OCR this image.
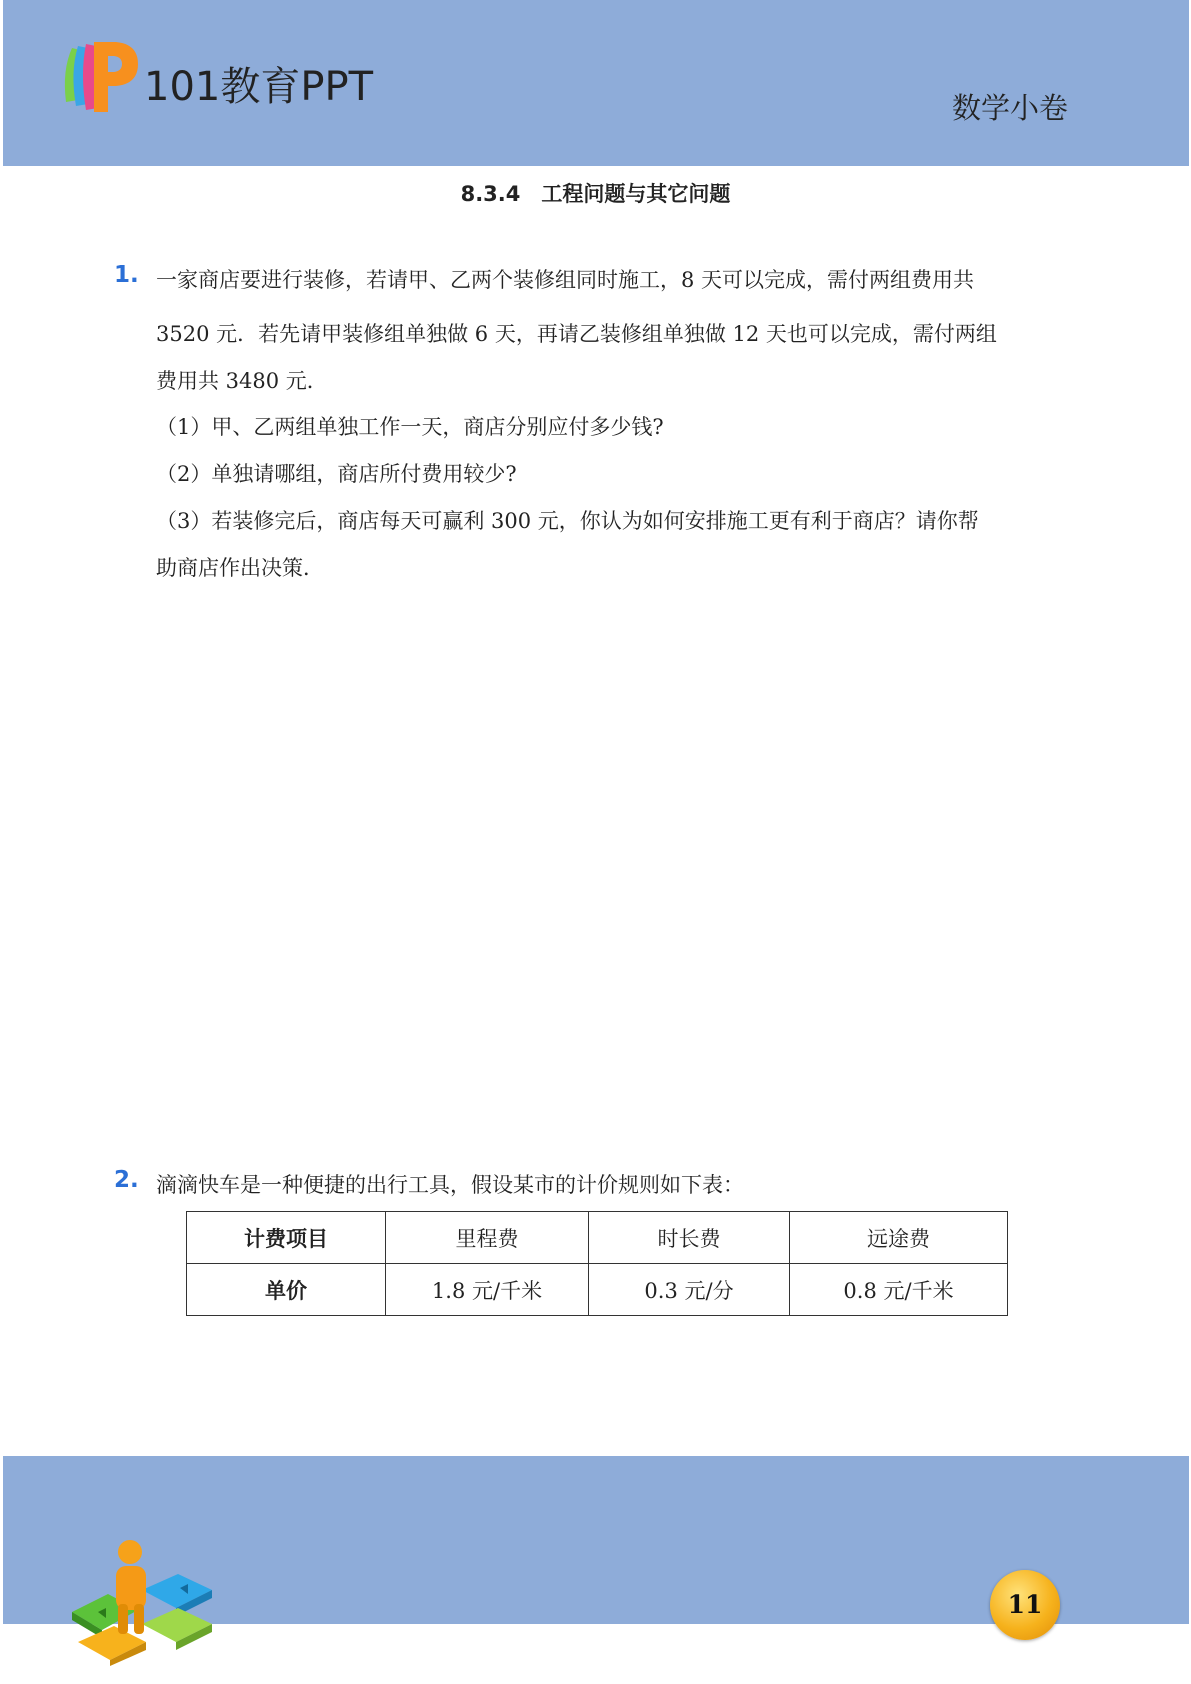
101教育PPT	数学小卷
8.3.4　工程问题与其它问题
1. 一家商店要进行装修，若请甲、乙两个装修组同时施工，8 天可以完成，需付两组费用共
3520 元．若先请甲装修组单独做 6 天，再请乙装修组单独做 12 天也可以完成，需付两组
费用共 3480 元．
（1）甲、乙两组单独工作一天，商店分别应付多少钱?
（2）单独请哪组，商店所付费用较少?
（3）若装修完后，商店每天可赢利 300 元，你认为如何安排施工更有利于商店？请你帮
助商店作出决策．
2. 滴滴快车是一种便捷的出行工具，假设某市的计价规则如下表：
计费项目	里程费	时长费	远途费
单价	1.8 元/千米	0.3 元/分	0.8 元/千米
11
